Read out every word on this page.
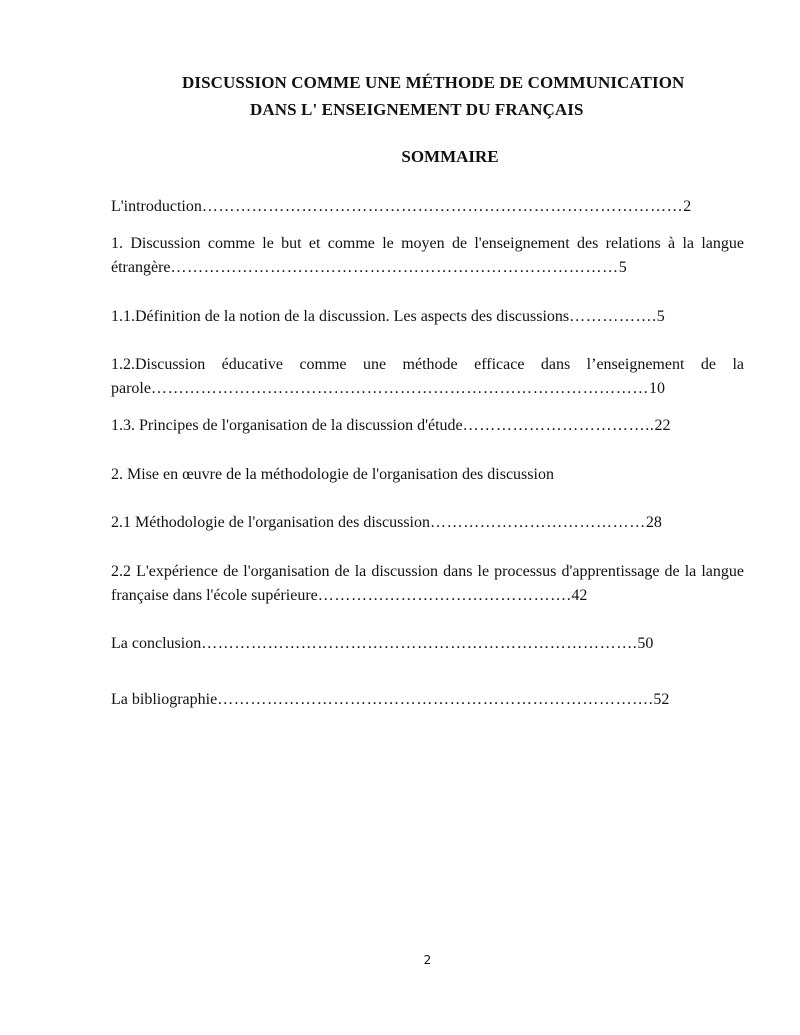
DISCUSSION COMME UNE MÉTHODE DE COMMUNICATION
DANS L' ENSEIGNEMENT DU FRANÇAIS
SOMMAIRE
L'introduction……………………………………………………………………………2
1. Discussion comme le but et comme le moyen de l'enseignement des relations à la langue étrangère………………………………………………………………………5
1.1.Définition de la notion de la discussion. Les aspects des discussions…………….5
1.2.Discussion éducative comme une méthode efficace dans l’enseignement de la parole………………………………………………………………………………10
1.3. Principes de l'organisation de la discussion d'étude……………………………..22
2. Mise en œuvre de la méthodologie de l'organisation des discussion
2.1 Méthodologie de l'organisation des discussion…………………………………28
2.2 L'expérience de l'organisation de la discussion dans le processus d'apprentissage de la langue française dans l'école supérieure……………………………………….42
La conclusion…………………………………………………………………….50
La bibliographie…………………………………………………………………….52
2
